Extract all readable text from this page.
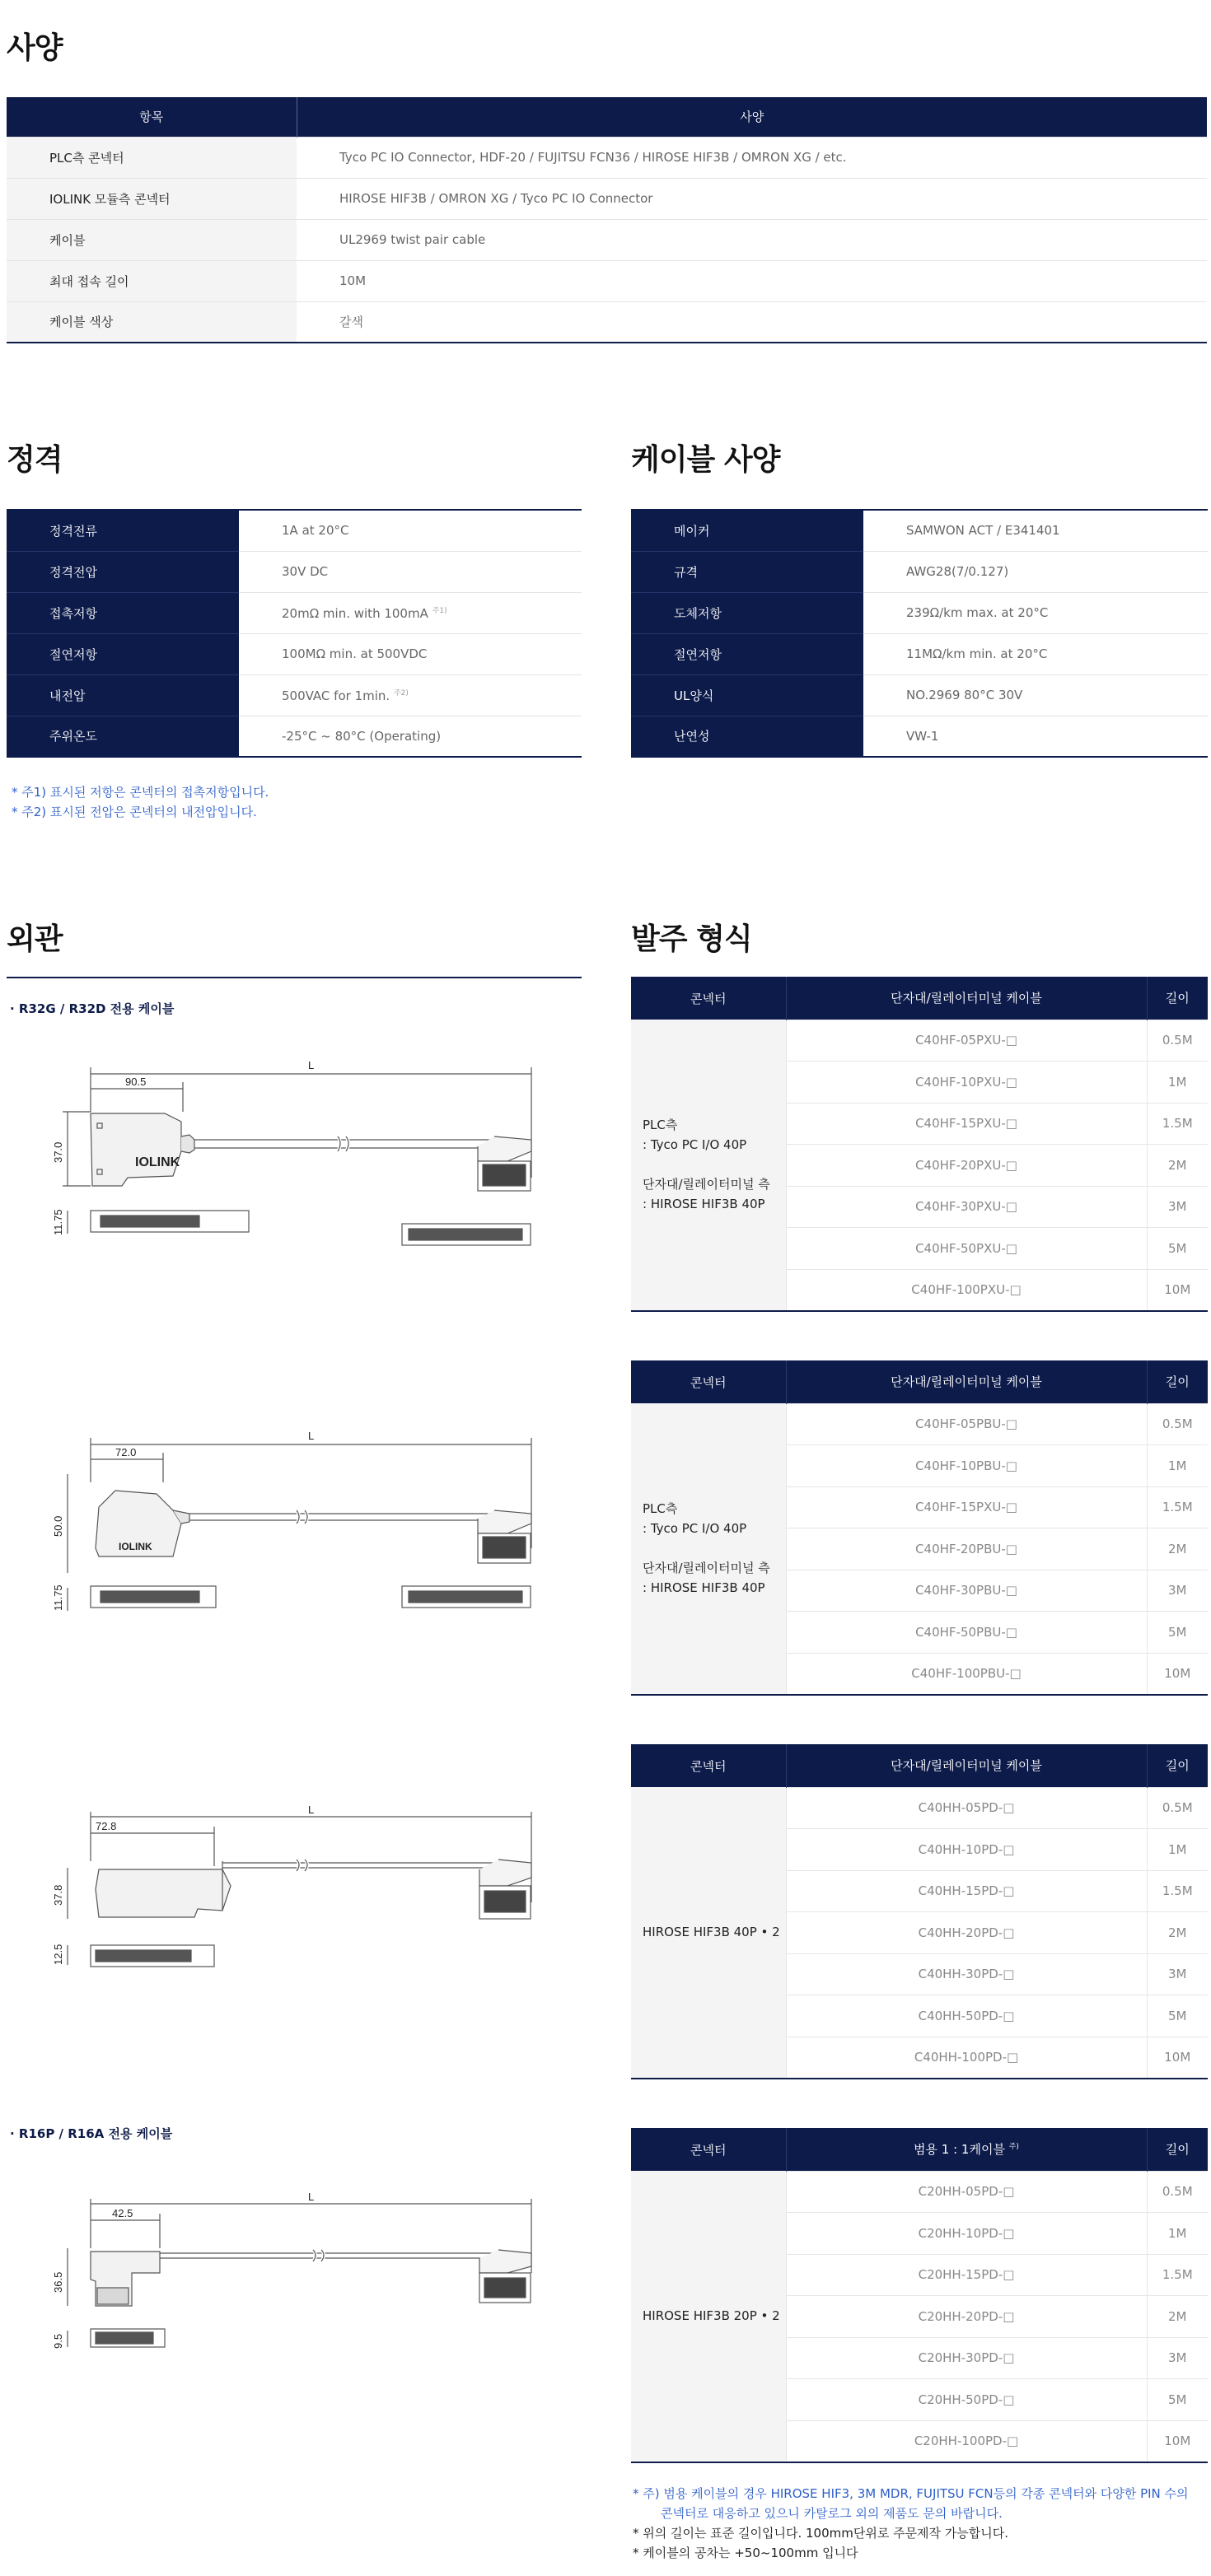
사양
항목	사양
PLC측 콘넥터	Tyco PC IO Connector, HDF-20 / FUJITSU FCN36 / HIROSE HIF3B / OMRON XG / etc.
IOLINK 모듈측 콘넥터	HIROSE HIF3B / OMRON XG / Tyco PC IO Connector
케이블	UL2969 twist pair cable
최대 접속 길이	10M
케이블 색상	갈색
정격
정격전류	1A at 20°C
정격전압	30V DC
접촉저항	20mΩ min. with 100mA $^{주1)}$
절연저항	100MΩ min. at 500VDC
내전압	500VAC for 1min. $^{주2)}$
주위온도	-25°C ~ 80°C (Operating)
* 주1) 표시된 저항은 콘넥터의 접촉저항입니다.
* 주2) 표시된 전압은 콘넥터의 내전압입니다.
케이블 사양
메이커	SAMWON ACT / E341401
규격	AWG28(7/0.127)
도체저항	239Ω/km max. at 20°C
절연저항	11MΩ/km min. at 20°C
UL양식	NO.2969 80°C 30V
난연성	VW-1
외관
· R32G / R32D 전용 케이블
L
90.5
37.0
11.75
IOLINK
L
72.0
50.0
11.75
IOLINK
L
72.8
37.8
12.5
· R16P / R16A 전용 케이블
L
42.5
36.5
9.5
발주 형식
콘넥터	단자대/릴레이터미널 케이블	길이

PLC측
: Tyco PC I/O 40P
단자대/릴레이터미널 측
: HIROSE HIF3B 40P	C40HF-05PXU-□	0.5M
	C40HF-10PXU-□	1M
	C40HF-15PXU-□	1.5M
	C40HF-20PXU-□	2M
	C40HF-30PXU-□	3M
	C40HF-50PXU-□	5M
	C40HF-100PXU-□	10M
콘넥터	단자대/릴레이터미널 케이블	길이

PLC측
: Tyco PC I/O 40P
단자대/릴레이터미널 측
: HIROSE HIF3B 40P	C40HF-05PBU-□	0.5M
	C40HF-10PBU-□	1M
	C40HF-15PXU-□	1.5M
	C40HF-20PBU-□	2M
	C40HF-30PBU-□	3M
	C40HF-50PBU-□	5M
	C40HF-100PBU-□	10M
콘넥터	단자대/릴레이터미널 케이블	길이

HIROSE HIF3B 40P • 2	C40HH-05PD-□	0.5M
	C40HH-10PD-□	1M
	C40HH-15PD-□	1.5M
	C40HH-20PD-□	2M
	C40HH-30PD-□	3M
	C40HH-50PD-□	5M
	C40HH-100PD-□	10M
콘넥터	범용 1 : 1케이블 $^{주)}$	길이

HIROSE HIF3B 20P • 2	C20HH-05PD-□	0.5M
	C20HH-10PD-□	1M
	C20HH-15PD-□	1.5M
	C20HH-20PD-□	2M
	C20HH-30PD-□	3M
	C20HH-50PD-□	5M
	C20HH-100PD-□	10M
* 주) 범용 케이블의 경우 HIROSE HIF3, 3M MDR, FUJITSU FCN등의 각종 콘넥터와 다양한 PIN 수의
콘넥터로 대응하고 있으니 카탈로그 외의 제품도 문의 바랍니다.
* 위의 길이는 표준 길이입니다. 100mm단위로 주문제작 가능합니다.
* 케이블의 공차는 +50~100mm 입니다
